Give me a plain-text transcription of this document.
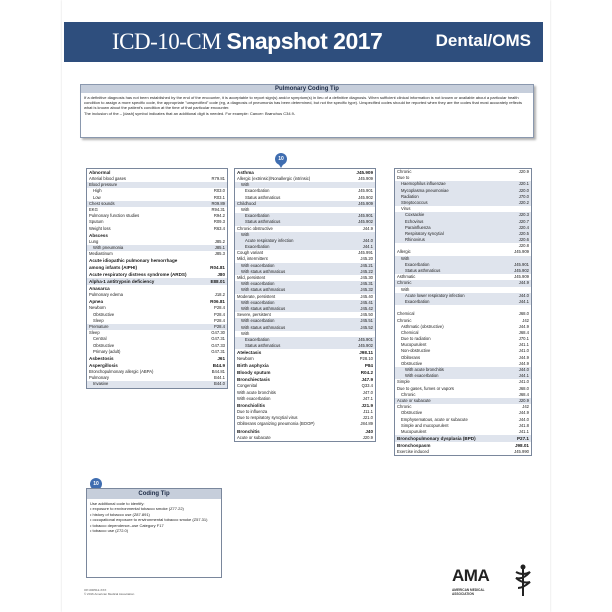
ICD-10-CM Snapshot 2017	Dental/OMS
Pulmonary Coding Tip
If a definitive diagnosis has not been established by the end of the encounter, it is acceptable to report sign(s) and/or symptom(s) in lieu of a definitive diagnosis. When sufficient clinical information is not known or available about a particular health condition to assign a more specific code, the appropriate "unspecified" code (eg, a diagnosis of pneumonia has been determined, but not the specific type). Unspecified codes should be reported when they are the codes that most accurately reflects what is known about the patient's condition at the time of that particular encounter.
The inclusion of the – [dash] symbol indicates that an additional digit is needed. For example: Cancer: Brønchus C34.9-
10
10
Abnormal
Arterial blood gases	R79.81
Blood pressure
High	R03.0
Low	R03.1
Chest sounds	R09.89
EKG	R94.31
Pulmonary function studies	R94.2
Sputum	R09.3
Weight loss	R63.4
Abscess
Lung	J85.2
With pneumonia	J85.1
Mediastinum	J85.3
Acute idiopathic pulmonary hemorrhage
among infants (AIPHI)	R04.81
Acute respiratory distress syndrome (ARDS)	J80
Alpha-1 antitrypsin deficiency	E88.01
Anasarca
Pulmonary edema	J18.2
Apnea	R06.81
Newborn	P28.4
Obstructive	P28.4
Sleep	P28.4
Premature	P28.4
Sleep	G47.30
Central	G47.31
Obstructive	G47.33
Primary (adult)	G47.31
Asbestosis	J61
Aspergillosis	B44.9
Bronchopulmonary allergic (ABPA)	B44.81
Pulmonary	B44.1
Invasive	B44.0
Asthma	J45.909
Allergic (extrinsic)/Nonallergic (intrinsic)	J45.909
With
Exacerbation	J45.901
Status asthmaticus	J45.902
Childhood	J45.909
With
Exacerbation	J45.901
Status asthmaticus	J45.902
Chronic obstructive	J44.9
With
Acute respiratory infection	J44.0
Exacerbation	J44.1
Cough variant	J45.991
Mild, intermittent	J45.20
With exacerbation	J45.21
With status asthmaticus	J45.22
Mild, persistent	J45.30
With exacerbation	J45.31
With status asthmaticus	J45.32
Moderate, persistent	J45.40
With exacerbation	J45.41
With status asthmaticus	J45.42
Severe, persistent	J45.50
With exacerbation	J45.51
With status asthmaticus	J45.52
With
Exacerbation	J45.901
Status asthmaticus	J45.902
Atelectasis	J98.11
Newborn	P28.10
Birth asphyxia	P84
Bloody sputum	R04.2
Bronchiectasis	J47.9
Congenital	Q33.4
With acute bronchitis	J47.0
With exacerbation	J47.1
Bronchiolitis	J21.9
Due to influenza	J11.1
Due to respiratory syncytial virus	J21.0
Obliterans organizing pneumonia (BOOP)	J84.89
Bronchitis	J40
Acute or subacute	J20.9
Chronic	J20.9
Due to
Haemophilus influenzae	J20.1
Mycoplasma pneumoniae	J20.0
Radiation	J70.0
Streptococcus	J20.2
Virus
Coxsackie	J20.3
Echovirus	J20.7
Parainfluenza	J20.4
Respiratory syncytial	J20.5
Rhinovirus	J20.6
J20.8
Allergic	J45.909
With
Exacerbation	J45.901
Status asthmaticus	J45.902
Asthmatic	J45.909
Chronic	J44.9
With
Acute lower respiratory infection	J44.0
Exacerbation	J44.1
Chemical	J68.0
Chronic	J42
Asthmatic (obstructive)	J44.9
Chemical	J68.4
Due to radiation	J70.1
Mucopurulent	J41.1
Non-obstructive	J41.0
Obliterans	J44.9
Obstructive	J44.9
With acute bronchitis	J44.0
With exacerbation	J44.1
Simple	J41.0
Due to gases, fumes or vapors	J68.0
Chronic	J68.4
Acute or subacute	J20.9
Chronic	J42
Obstructive	J44.9
Emphysematous, acute or subacute	J44.0
Simple and mucopurulent	J41.8
Mucopurulent	J41.1
Bronchopulmonary dysplasia (BPD)	P27.1
Bronchospasm	J98.01
Exercise induced	J45.990
Coding Tip
Use additional code to identify:
• exposure to environmental tobacco smoke (Z77.22)
• history of tobacco use (Z87.891)
• occupational exposure to environmental tobacco smoke (Z57.31)
• tobacco dependence–use Category F17
• tobacco use (Z72.0)
OP-000512-XXX
© 2016 American Medical Association
AMA
AMERICAN MEDICAL
ASSOCIATION
